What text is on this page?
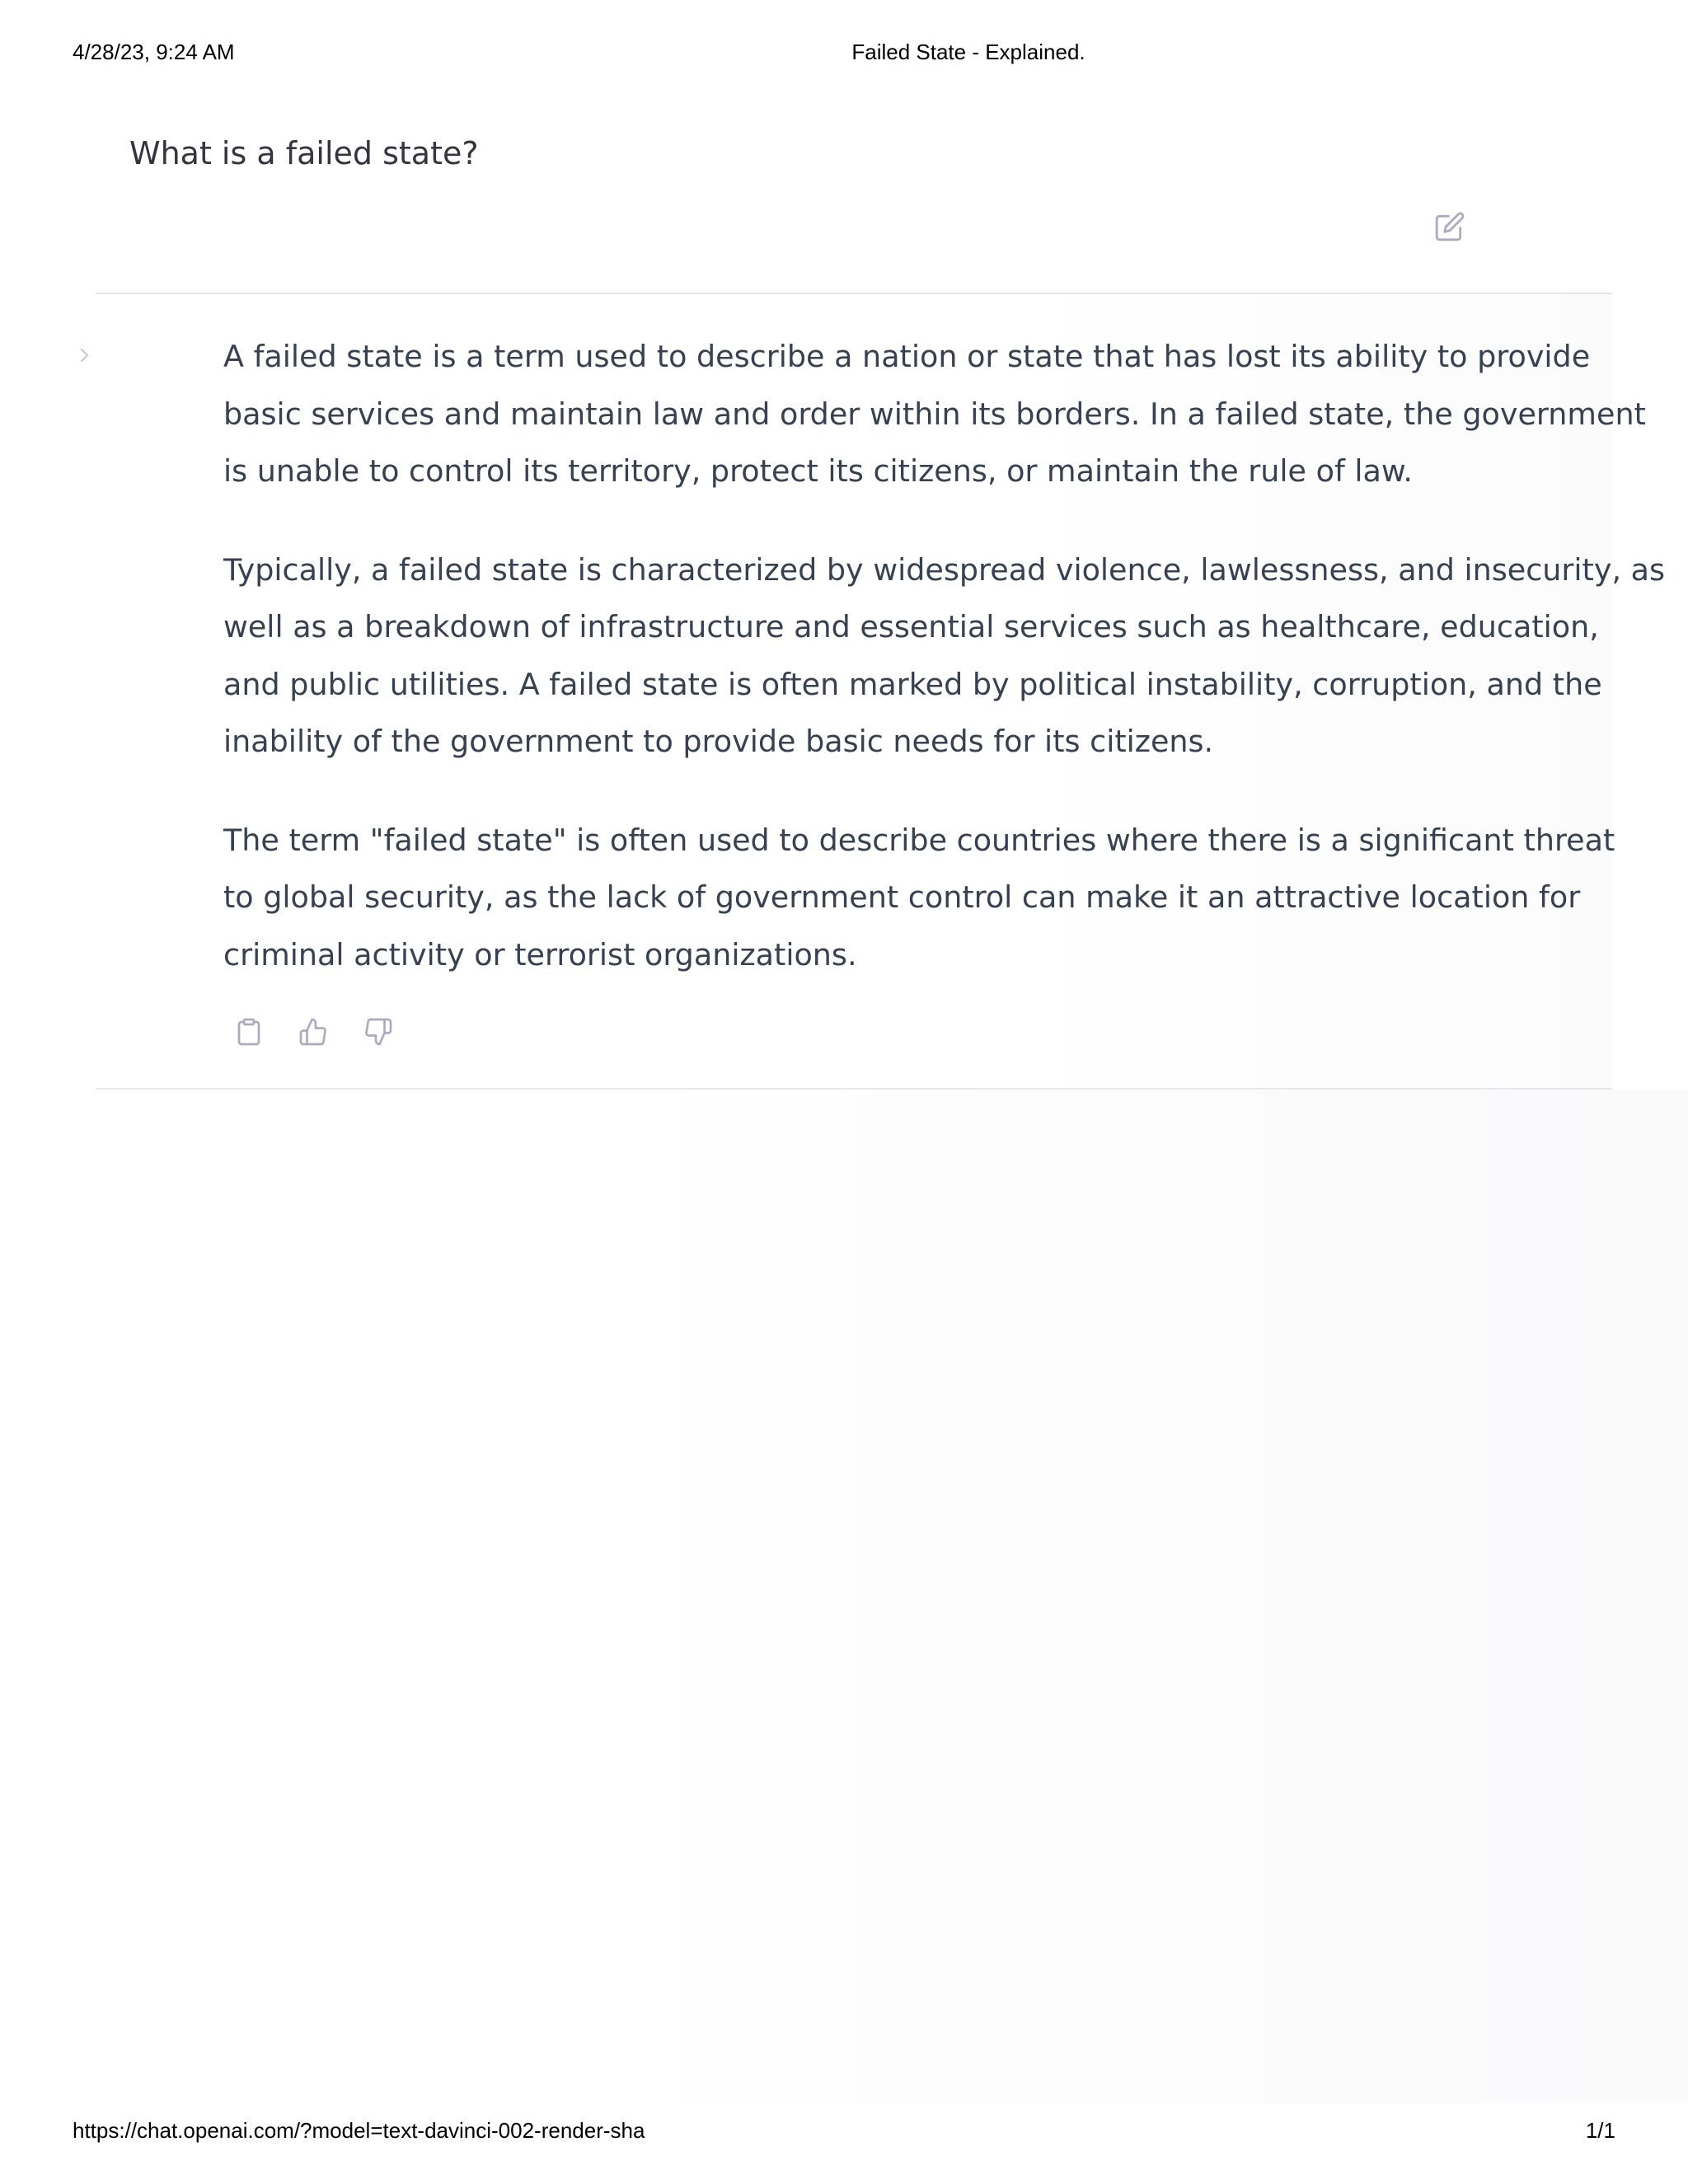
4/28/23, 9:24 AM	Failed State - Explained.
What is a failed state?

A failed state is a term used to describe a nation or state that has lost its ability to provide
basic services and maintain law and order within its borders. In a failed state, the government
is unable to control its territory, protect its citizens, or maintain the rule of law.

Typically, a failed state is characterized by widespread violence, lawlessness, and insecurity, as
well as a breakdown of infrastructure and essential services such as healthcare, education,
and public utilities. A failed state is often marked by political instability, corruption, and the
inability of the government to provide basic needs for its citizens.

The term "failed state" is often used to describe countries where there is a significant threat
to global security, as the lack of government control can make it an attractive location for
criminal activity or terrorist organizations.

https://chat.openai.com/?model=text-davinci-002-render-sha	1/1
